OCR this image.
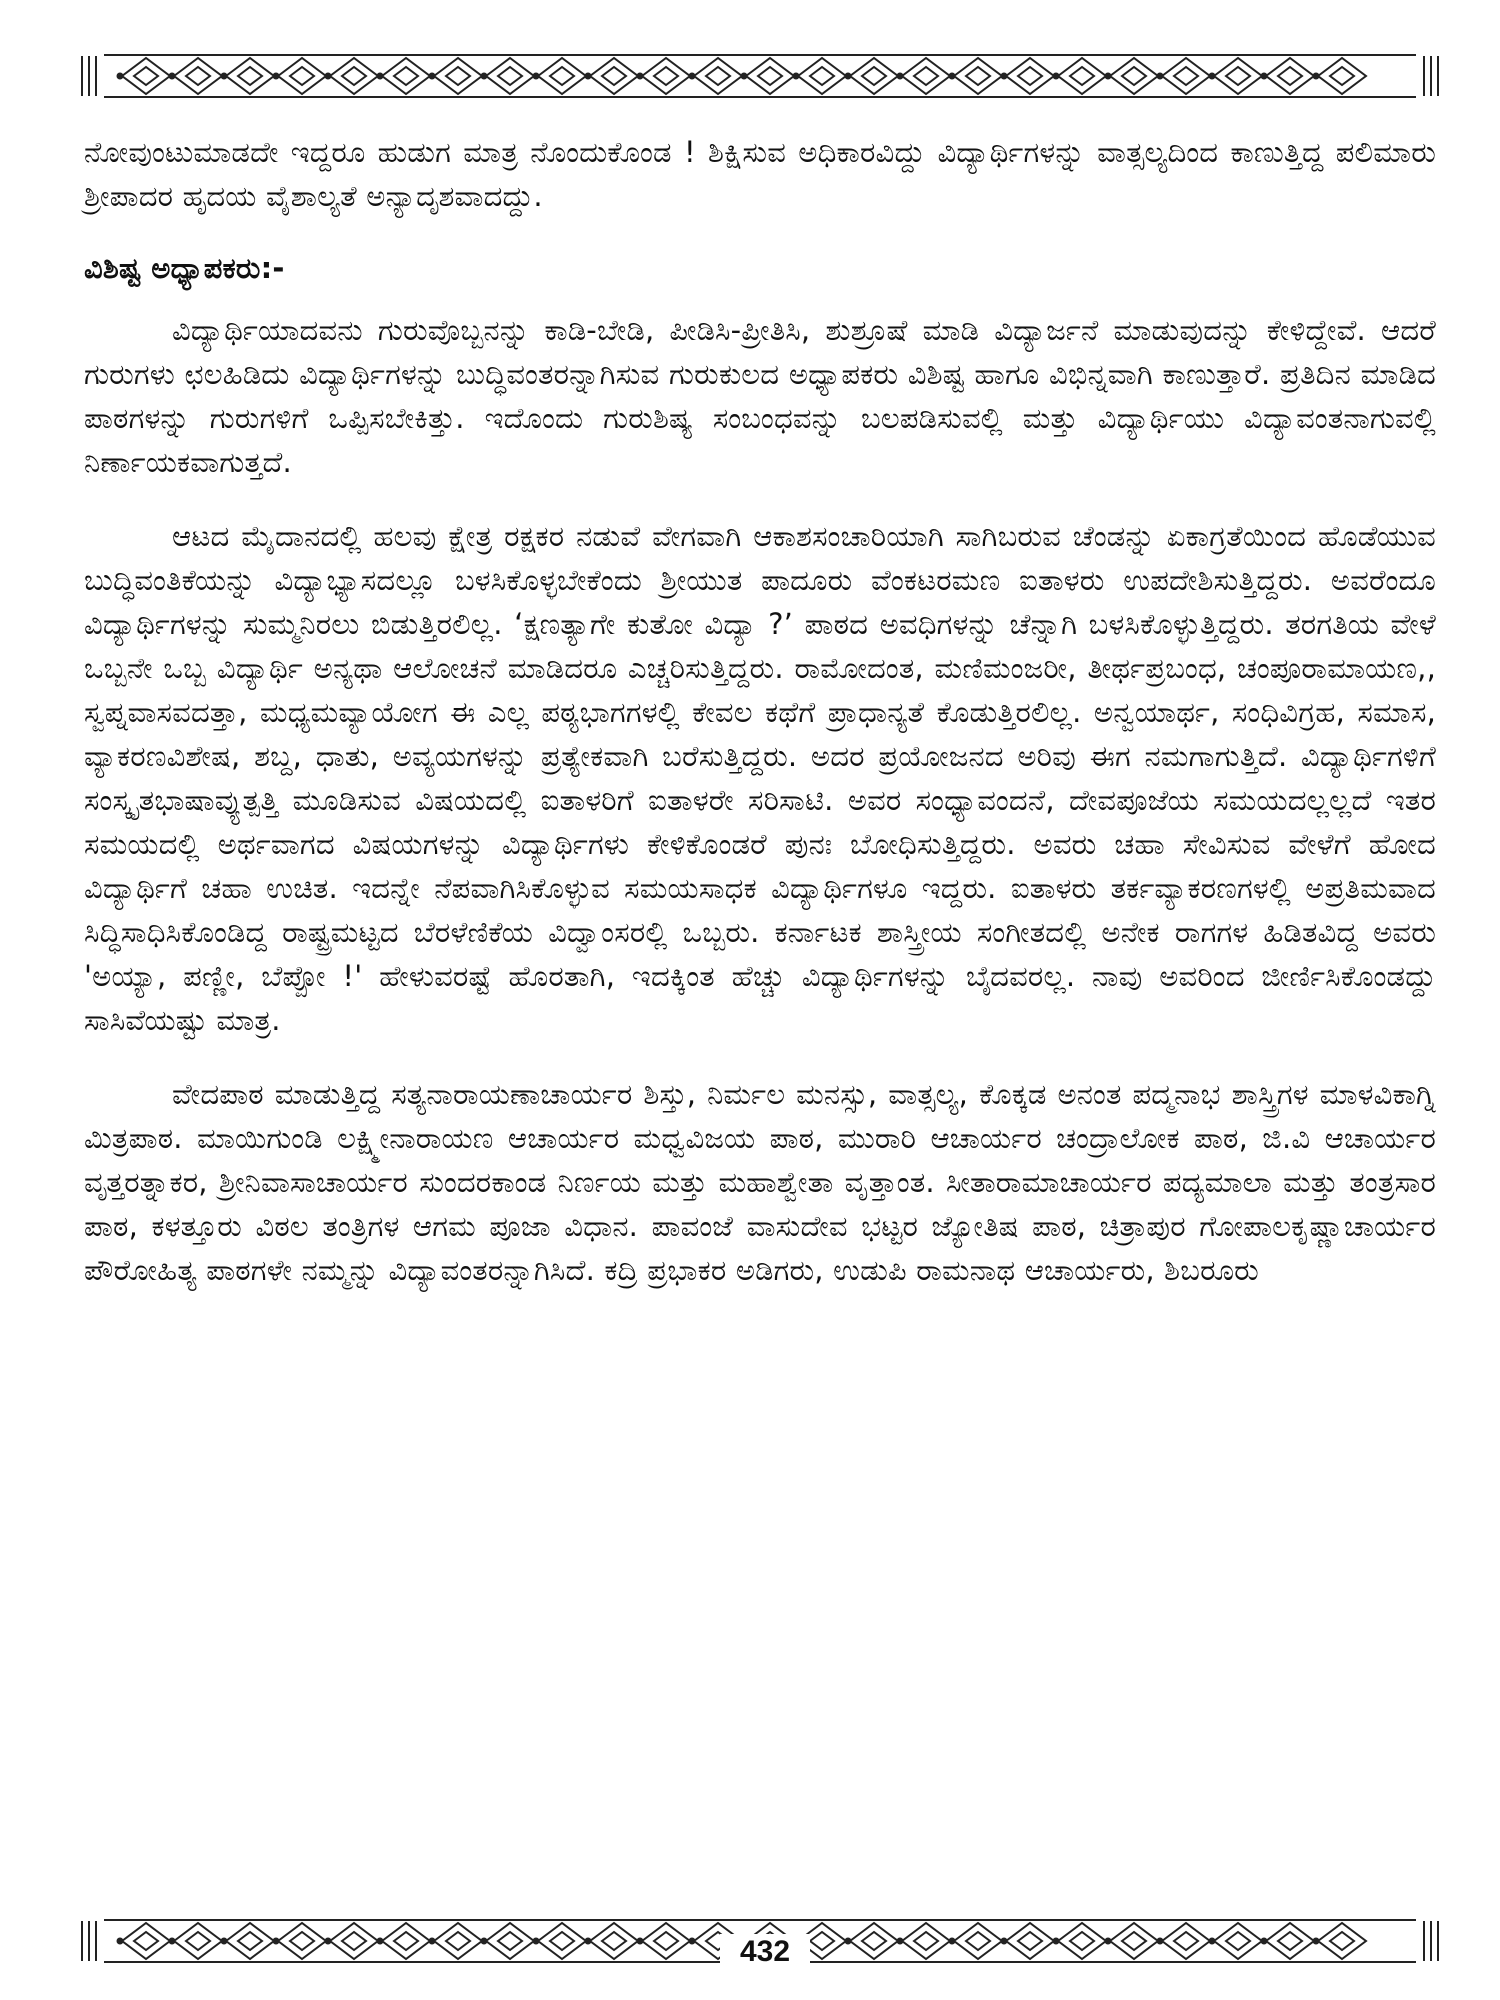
ನೋವುಂಟುಮಾಡದೇ ಇದ್ದರೂ ಹುಡುಗ ಮಾತ್ರ ನೊಂದುಕೊಂಡ ! ಶಿಕ್ಷಿಸುವ ಅಧಿಕಾರವಿದ್ದು ವಿದ್ಯಾರ್ಥಿಗಳನ್ನು ವಾತ್ಸಲ್ಯದಿಂದ ಕಾಣುತ್ತಿದ್ದ ಪಲಿಮಾರು ಶ್ರೀಪಾದರ ಹೃದಯ ವೈಶಾಲ್ಯತೆ ಅನ್ಯಾದೃಶವಾದದ್ದು.

ವಿಶಿಷ್ಟ ಅಧ್ಯಾಪಕರು:-

ವಿದ್ಯಾರ್ಥಿಯಾದವನು ಗುರುವೊಬ್ಬನನ್ನು ಕಾಡಿ-ಬೇಡಿ, ಪೀಡಿಸಿ-ಪ್ರೀತಿಸಿ, ಶುಶ್ರೂಷೆ ಮಾಡಿ ವಿದ್ಯಾರ್ಜನೆ ಮಾಡುವುದನ್ನು ಕೇಳಿದ್ದೇವೆ. ಆದರೆ ಗುರುಗಳು ಛಲಹಿಡಿದು ವಿದ್ಯಾರ್ಥಿಗಳನ್ನು ಬುದ್ಧಿವಂತರನ್ನಾಗಿಸುವ ಗುರುಕುಲದ ಅಧ್ಯಾಪಕರು ವಿಶಿಷ್ಟ ಹಾಗೂ ವಿಭಿನ್ನವಾಗಿ ಕಾಣುತ್ತಾರೆ. ಪ್ರತಿದಿನ ಮಾಡಿದ ಪಾಠಗಳನ್ನು ಗುರುಗಳಿಗೆ ಒಪ್ಪಿಸಬೇಕಿತ್ತು. ಇದೊಂದು ಗುರುಶಿಷ್ಯ ಸಂಬಂಧವನ್ನು ಬಲಪಡಿಸುವಲ್ಲಿ ಮತ್ತು ವಿದ್ಯಾರ್ಥಿಯು ವಿದ್ಯಾವಂತನಾಗುವಲ್ಲಿ ನಿರ್ಣಾಯಕವಾಗುತ್ತದೆ.

ಆಟದ ಮೈದಾನದಲ್ಲಿ ಹಲವು ಕ್ಷೇತ್ರ ರಕ್ಷಕರ ನಡುವೆ ವೇಗವಾಗಿ ಆಕಾಶಸಂಚಾರಿಯಾಗಿ ಸಾಗಿಬರುವ ಚೆಂಡನ್ನು ಏಕಾಗ್ರತೆಯಿಂದ ಹೊಡೆಯುವ ಬುದ್ಧಿವಂತಿಕೆಯನ್ನು ವಿದ್ಯಾಭ್ಯಾಸದಲ್ಲೂ ಬಳಸಿಕೊಳ್ಳಬೇಕೆಂದು ಶ್ರೀಯುತ ಪಾದೂರು ವೆಂಕಟರಮಣ ಐತಾಳರು ಉಪದೇಶಿಸುತ್ತಿದ್ದರು. ಅವರೆಂದೂ ವಿದ್ಯಾರ್ಥಿಗಳನ್ನು ಸುಮ್ಮನಿರಲು ಬಿಡುತ್ತಿರಲಿಲ್ಲ. ‘ಕ್ಷಣತ್ಯಾಗೇ ಕುತೋ ವಿದ್ಯಾ ?’ ಪಾಠದ ಅವಧಿಗಳನ್ನು ಚೆನ್ನಾಗಿ ಬಳಸಿಕೊಳ್ಳುತ್ತಿದ್ದರು. ತರಗತಿಯ ವೇಳೆ ಒಬ್ಬನೇ ಒಬ್ಬ ವಿದ್ಯಾರ್ಥಿ ಅನ್ಯಥಾ ಆಲೋಚನೆ ಮಾಡಿದರೂ ಎಚ್ಚರಿಸುತ್ತಿದ್ದರು. ರಾಮೋದಂತ, ಮಣಿಮಂಜರೀ, ತೀರ್ಥಪ್ರಬಂಧ, ಚಂಪೂರಾಮಾಯಣ,, ಸ್ವಪ್ನವಾಸವದತ್ತಾ, ಮಧ್ಯಮವ್ಯಾಯೋಗ ಈ ಎಲ್ಲ ಪಠ್ಯಭಾಗಗಳಲ್ಲಿ ಕೇವಲ ಕಥೆಗೆ ಪ್ರಾಧಾನ್ಯತೆ ಕೊಡುತ್ತಿರಲಿಲ್ಲ. ಅನ್ವಯಾರ್ಥ, ಸಂಧಿವಿಗ್ರಹ, ಸಮಾಸ, ವ್ಯಾಕರಣವಿಶೇಷ, ಶಬ್ದ, ಧಾತು, ಅವ್ಯಯಗಳನ್ನು ಪ್ರತ್ಯೇಕವಾಗಿ ಬರೆಸುತ್ತಿದ್ದರು. ಅದರ ಪ್ರಯೋಜನದ ಅರಿವು ಈಗ ನಮಗಾಗುತ್ತಿದೆ. ವಿದ್ಯಾರ್ಥಿಗಳಿಗೆ ಸಂಸ್ಕೃತಭಾಷಾವ್ಯುತ್ಪತ್ತಿ ಮೂಡಿಸುವ ವಿಷಯದಲ್ಲಿ ಐತಾಳರಿಗೆ ಐತಾಳರೇ ಸರಿಸಾಟಿ. ಅವರ ಸಂಧ್ಯಾವಂದನೆ, ದೇವಪೂಜೆಯ ಸಮಯದಲ್ಲಲ್ಲದೆ ಇತರ ಸಮಯದಲ್ಲಿ ಅರ್ಥವಾಗದ ವಿಷಯಗಳನ್ನು ವಿದ್ಯಾರ್ಥಿಗಳು ಕೇಳಿಕೊಂಡರೆ ಪುನಃ ಬೋಧಿಸುತ್ತಿದ್ದರು. ಅವರು ಚಹಾ ಸೇವಿಸುವ ವೇಳೆಗೆ ಹೋದ ವಿದ್ಯಾರ್ಥಿಗೆ ಚಹಾ ಉಚಿತ. ಇದನ್ನೇ ನೆಪವಾಗಿಸಿಕೊಳ್ಳುವ ಸಮಯಸಾಧಕ ವಿದ್ಯಾರ್ಥಿಗಳೂ ಇದ್ದರು. ಐತಾಳರು ತರ್ಕವ್ಯಾಕರಣಗಳಲ್ಲಿ ಅಪ್ರತಿಮವಾದ ಸಿದ್ಧಿಸಾಧಿಸಿಕೊಂಡಿದ್ದ ರಾಷ್ಟ್ರಮಟ್ಟದ ಬೆರಳೆಣಿಕೆಯ ವಿದ್ವಾಂಸರಲ್ಲಿ ಒಬ್ಬರು. ಕರ್ನಾಟಕ ಶಾಸ್ತ್ರೀಯ ಸಂಗೀತದಲ್ಲಿ ಅನೇಕ ರಾಗಗಳ ಹಿಡಿತವಿದ್ದ ಅವರು 'ಅಯ್ಯಾ, ಪಣ್ಣೀ, ಬೆಪ್ಪೋ !' ಹೇಳುವರಷ್ಟೆ ಹೊರತಾಗಿ, ಇದಕ್ಕಿಂತ ಹೆಚ್ಚು ವಿದ್ಯಾರ್ಥಿಗಳನ್ನು ಬೈದವರಲ್ಲ. ನಾವು ಅವರಿಂದ ಜೀರ್ಣಿಸಿಕೊಂಡದ್ದು ಸಾಸಿವೆಯಷ್ಟು ಮಾತ್ರ.

ವೇದಪಾಠ ಮಾಡುತ್ತಿದ್ದ ಸತ್ಯನಾರಾಯಣಾಚಾರ್ಯರ ಶಿಸ್ತು, ನಿರ್ಮಲ ಮನಸ್ಸು, ವಾತ್ಸಲ್ಯ, ಕೊಕ್ಕಡ ಅನಂತ ಪದ್ಮನಾಭ ಶಾಸ್ತ್ರಿಗಳ ಮಾಳವಿಕಾಗ್ನಿ ಮಿತ್ರಪಾಠ. ಮಾಯಿಗುಂಡಿ ಲಕ್ಷ್ಮೀನಾರಾಯಣ ಆಚಾರ್ಯರ ಮಧ್ವವಿಜಯ ಪಾಠ, ಮುರಾರಿ ಆಚಾರ್ಯರ ಚಂದ್ರಾಲೋಕ ಪಾಠ, ಜಿ.ವಿ ಆಚಾರ್ಯರ ವೃತ್ತರತ್ನಾಕರ, ಶ್ರೀನಿವಾಸಾಚಾರ್ಯರ ಸುಂದರಕಾಂಡ ನಿರ್ಣಯ ಮತ್ತು ಮಹಾಶ್ವೇತಾ ವೃತ್ತಾಂತ. ಸೀತಾರಾಮಾಚಾರ್ಯರ ಪದ್ಯಮಾಲಾ ಮತ್ತು ತಂತ್ರಸಾರ ಪಾಠ, ಕಳತ್ತೂರು ವಿಠಲ ತಂತ್ರಿಗಳ ಆಗಮ ಪೂಜಾ ವಿಧಾನ. ಪಾವಂಜೆ ವಾಸುದೇವ ಭಟ್ಟರ ಜ್ಯೋತಿಷ ಪಾಠ, ಚಿತ್ರಾಪುರ ಗೋಪಾಲಕೃಷ್ಣಾಚಾರ್ಯರ ಪೌರೋಹಿತ್ಯ ಪಾಠಗಳೇ ನಮ್ಮನ್ನು ವಿದ್ಯಾವಂತರನ್ನಾಗಿಸಿದೆ. ಕದ್ರಿ ಪ್ರಭಾಕರ ಅಡಿಗರು, ಉಡುಪಿ ರಾಮನಾಥ ಆಚಾರ್ಯರು, ಶಿಬರೂರು

432
